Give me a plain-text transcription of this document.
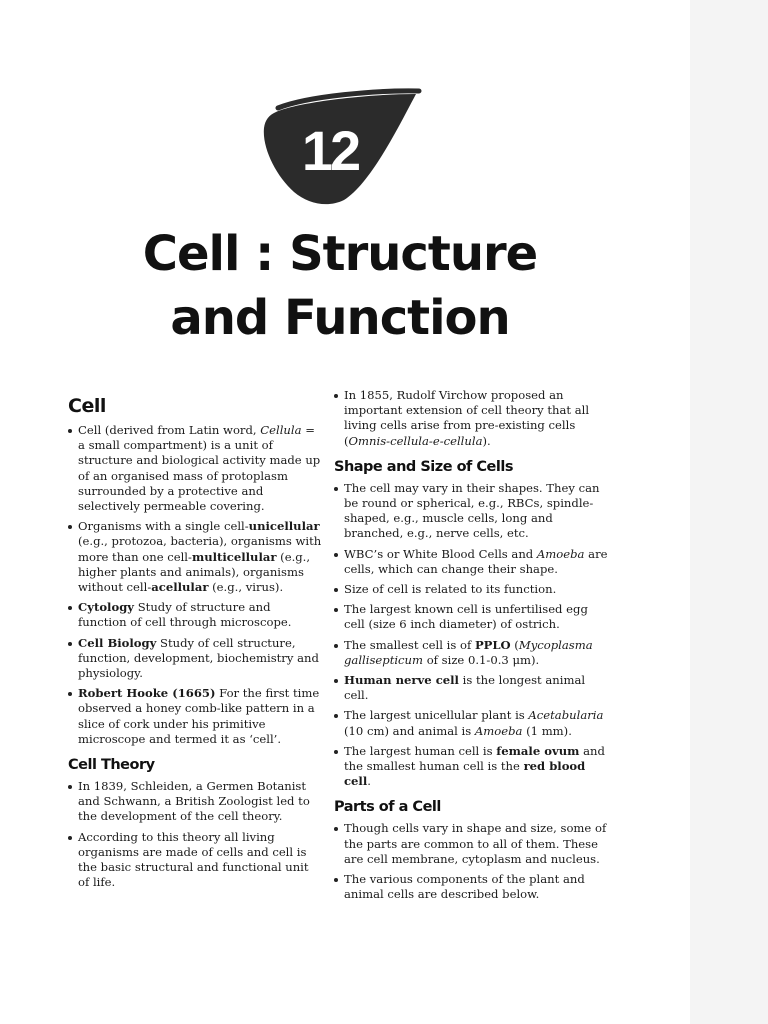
12
Cell : Structure
and Function
Cell
Cell (derived from Latin word, Cellula = a small compartment) is a unit of structure and biological activity made up of an organised mass of protoplasm surrounded by a protective and selectively permeable covering.
Organisms with a single cell-unicellular (e.g., protozoa, bacteria), organisms with more than one cell-multicellular (e.g., higher plants and animals), organisms without cell-acellular (e.g., virus).
Cytology Study of structure and function of cell through microscope.
Cell Biology Study of cell structure, function, development, biochemistry and physiology.
Robert Hooke (1665) For the first time observed a honey comb-like pattern in a slice of cork under his primitive microscope and termed it as ‘cell’.
Cell Theory
In 1839, Schleiden, a Germen Botanist and Schwann, a British Zoologist led to the development of the cell theory.
According to this theory all living organisms are made of cells and cell is the basic structural and functional unit of life.
In 1855, Rudolf Virchow proposed an important extension of cell theory that all living cells arise from pre-existing cells (Omnis-cellula-e-cellula).
Shape and Size of Cells
The cell may vary in their shapes. They can be round or spherical, e.g., RBCs, spindle-shaped, e.g., muscle cells, long and branched, e.g., nerve cells, etc.
WBC’s or White Blood Cells and Amoeba are cells, which can change their shape.
Size of cell is related to its function.
The largest known cell is unfertilised egg cell (size 6 inch diameter) of ostrich.
The smallest cell is of PPLO (Mycoplasma gallisepticum of size 0.1-0.3 μm).
Human nerve cell is the longest animal cell.
The largest unicellular plant is Acetabularia (10 cm) and animal is Amoeba (1 mm).
The largest human cell is female ovum and the smallest human cell is the red blood cell.
Parts of a Cell
Though cells vary in shape and size, some of the parts are common to all of them. These are cell membrane, cytoplasm and nucleus.
The various components of the plant and animal cells are described below.
